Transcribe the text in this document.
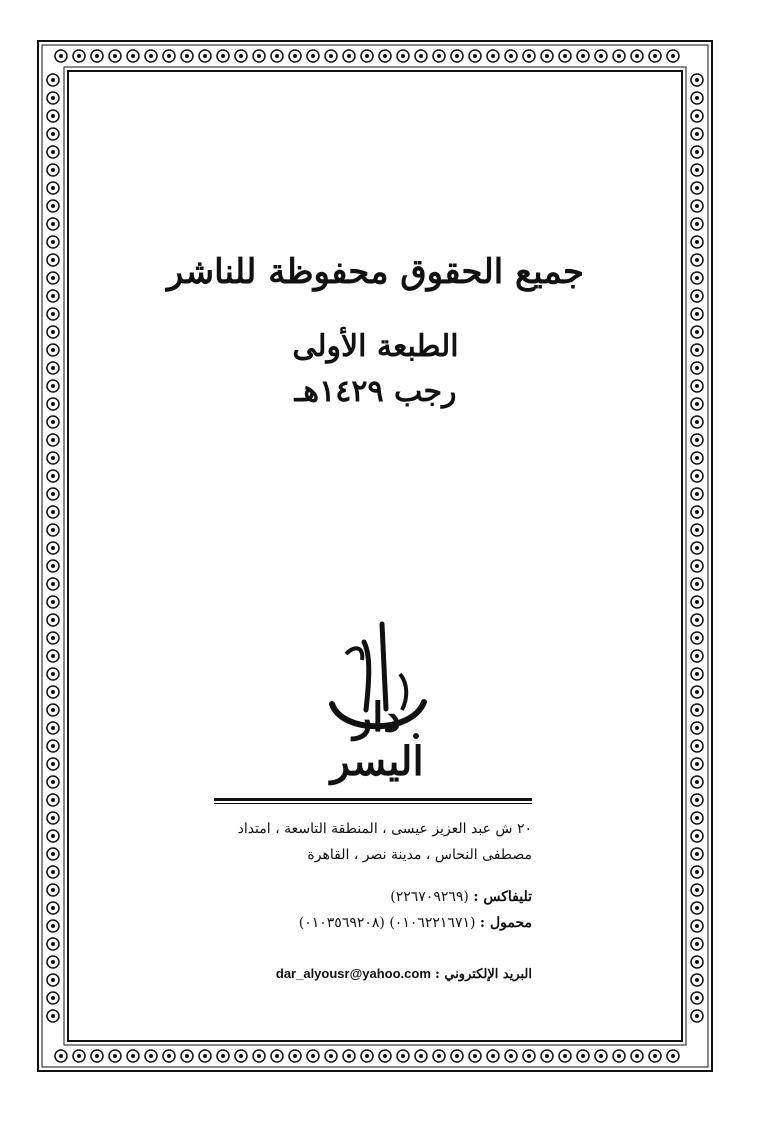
جميع الحقوق محفوظة للناشر
الطبعة الأولى
رجب ١٤٢٩هـ
دار اليسر
٢٠ ش عبد العزيز عيسى ، المنطقة التاسعة ، امتداد
مصطفى النحاس ، مدينة نصر ، القاهرة
تليفاكس : (٢٢٦٧٠٩٢٦٩)
محمول : (٠١٠٦٢٢١٦٧١) (٠١٠٣٥٦٩٢٠٨)
البريد الإلكتروني : dar_alyousr@yahoo.com
